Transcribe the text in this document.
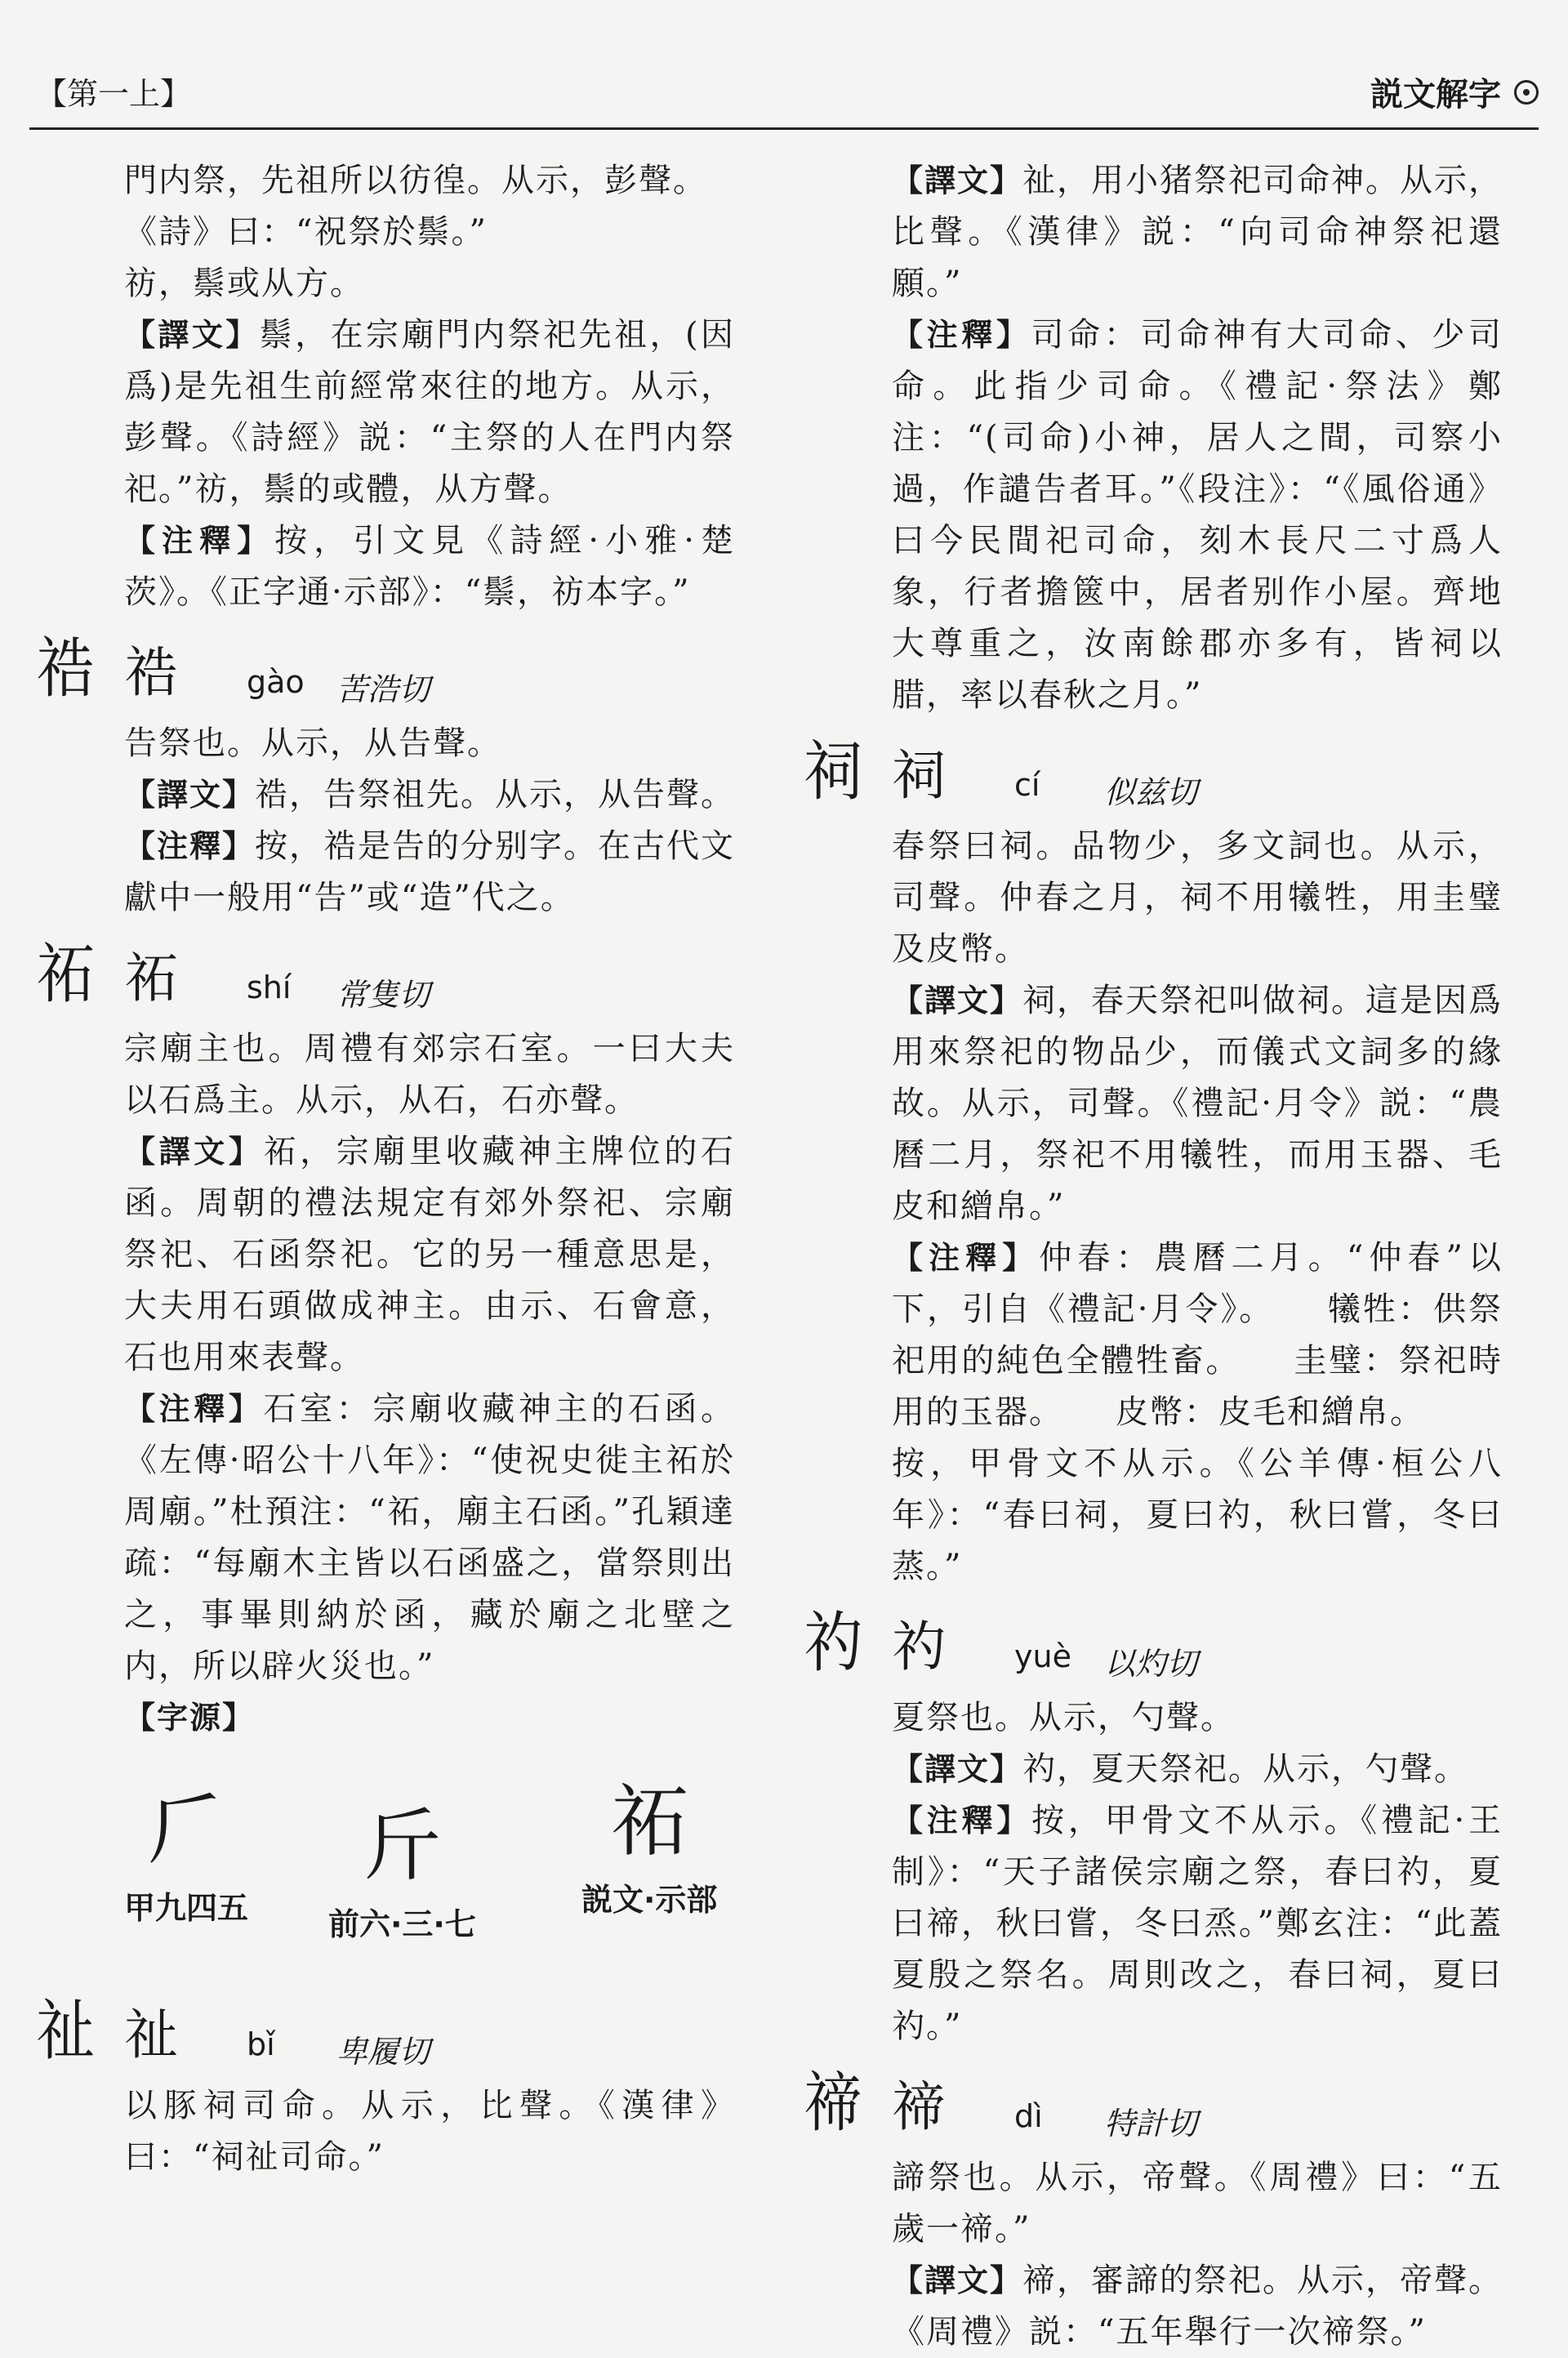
【第一上】	説文解字

門内祭，先祖所以彷徨。从示，彭聲。

《詩》曰：“祝祭於鬃。”

祊，鬃或从方。

【譯文】鬃，在宗廟門内祭祀先祖，(因爲)是先祖生前經常來往的地方。从示，彭聲。《詩經》説：“主祭的人在門内祭祀。”祊，鬃的或體，从方聲。

【注釋】按，引文見《詩經·小雅·楚茨》。《正字通·示部》：“鬃，祊本字。”

祰 祰 gào 苦浩切

告祭也。从示，从告聲。

【譯文】祰，告祭祖先。从示，从告聲。

【注釋】按，祰是告的分别字。在古代文獻中一般用“告”或“造”代之。

祏 祏 shí 常隻切

宗廟主也。周禮有郊宗石室。一曰大夫以石爲主。从示，从石，石亦聲。

【譯文】祏，宗廟里收藏神主牌位的石函。周朝的禮法規定有郊外祭祀、宗廟祭祀、石函祭祀。它的另一種意思是，大夫用石頭做成神主。由示、石會意，石也用來表聲。

【注釋】石室：宗廟收藏神主的石函。《左傳·昭公十八年》：“使祝史徙主祏於周廟。”杜預注：“祏，廟主石函。”孔穎達疏：“每廟木主皆以石函盛之，當祭則出之，事畢則納於函，藏於廟之北壁之内，所以辟火災也。”

【字源】

𠂆
甲九四五
斤
前六·三·七
祏
説文·示部
祉 祉 bǐ 卑履切

以豚祠司命。从示，比聲。《漢律》曰：“祠祉司命。”

【譯文】祉，用小猪祭祀司命神。从示，比聲。《漢律》説：“向司命神祭祀還願。”

【注釋】司命：司命神有大司命、少司命。此指少司命。《禮記·祭法》鄭注：“(司命)小神，居人之間，司察小過，作譴告者耳。”《段注》：“《風俗通》曰今民間祀司命，刻木長尺二寸爲人象，行者擔篋中，居者别作小屋。齊地大尊重之，汝南餘郡亦多有，皆祠以腊，率以春秋之月。”

祠 祠 cí 似兹切

春祭曰祠。品物少，多文詞也。从示，司聲。仲春之月，祠不用犧牲，用圭璧及皮幣。

【譯文】祠，春天祭祀叫做祠。這是因爲用來祭祀的物品少，而儀式文詞多的緣故。从示，司聲。《禮記·月令》説：“農曆二月，祭祀不用犧牲，而用玉器、毛皮和繒帛。”

【注釋】仲春：農曆二月。“仲春”以下，引自《禮記·月令》。　　犧牲：供祭祀用的純色全體牲畜。　　圭璧：祭祀時用的玉器。　　皮幣：皮毛和繒帛。

按，甲骨文不从示。《公羊傳·桓公八年》：“春曰祠，夏曰礿，秋曰嘗，冬曰蒸。”

礿 礿 yuè 以灼切

夏祭也。从示，勺聲。

【譯文】礿，夏天祭祀。从示，勺聲。

【注釋】按，甲骨文不从示。《禮記·王制》：“天子諸侯宗廟之祭，春曰礿，夏曰禘，秋曰嘗，冬曰烝。”鄭玄注：“此蓋夏殷之祭名。周則改之，春曰祠，夏曰礿。”

禘 禘 dì 特計切

諦祭也。从示，帝聲。《周禮》曰：“五歲一禘。”

【譯文】禘，審諦的祭祀。从示，帝聲。《周禮》説：“五年舉行一次禘祭。”
